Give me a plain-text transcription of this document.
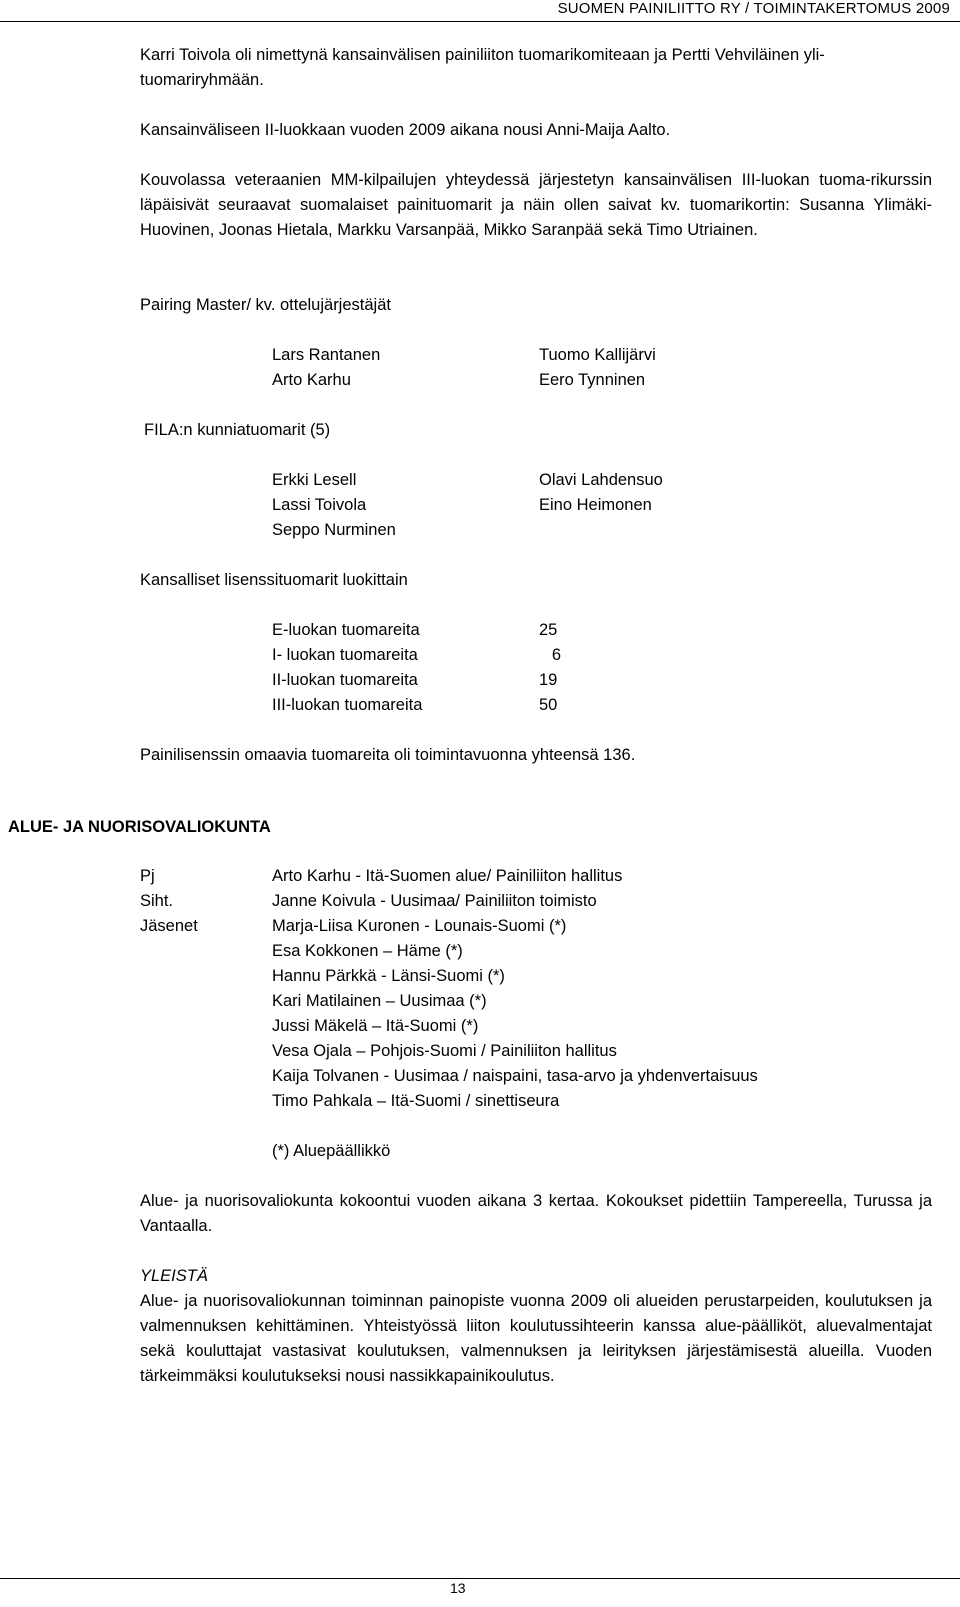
SUOMEN PAINILIITTO RY / TOIMINTAKERTOMUS 2009

Karri Toivola oli nimettynä kansainvälisen painiliiton tuomarikomiteaan ja Pertti Vehviläinen yli-tuomariryhmään.

Kansainväliseen II-luokkaan vuoden 2009 aikana nousi Anni-Maija Aalto.

Kouvolassa veteraanien MM-kilpailujen yhteydessä järjestetyn kansainvälisen III-luokan tuoma-rikurssin läpäisivät seuraavat suomalaiset painituomarit ja näin ollen saivat kv. tuomarikortin: Susanna Ylimäki-Huovinen, Joonas Hietala, Markku Varsanpää, Mikko Saranpää sekä Timo Utriainen.

Pairing Master/ kv. ottelujärjestäjät
Lars Rantanen
Arto Karhu
Tuomo Kallijärvi
Eero Tynninen
FILA:n kunniatuomarit (5)
Erkki Lesell
Lassi Toivola
Seppo Nurminen
Olavi Lahdensuo
Eino Heimonen
Kansalliset lisenssituomarit luokittain
E-luokan tuomareita
I- luokan tuomareita
II-luokan tuomareita
III-luokan tuomareita
25
6
19
50
Painilisenssin omaavia tuomareita oli toimintavuonna yhteensä 136.
ALUE- JA NUORISOVALIOKUNTA
Pj
Siht.
Jäsenet
Arto Karhu - Itä-Suomen alue/ Painiliiton hallitus
Janne Koivula - Uusimaa/ Painiliiton toimisto
Marja-Liisa Kuronen - Lounais-Suomi (*)
Esa Kokkonen – Häme (*)
Hannu Pärkkä - Länsi-Suomi (*)
Kari Matilainen – Uusimaa (*)
Jussi Mäkelä – Itä-Suomi (*)
Vesa Ojala – Pohjois-Suomi / Painiliiton hallitus
Kaija Tolvanen - Uusimaa / naispaini, tasa-arvo ja yhdenvertaisuus
Timo Pahkala – Itä-Suomi / sinettiseura
(*) Aluepäällikkö

Alue- ja nuorisovaliokunta kokoontui vuoden aikana 3 kertaa. Kokoukset pidettiin Tampereella, Turussa ja Vantaalla.

YLEISTÄ

Alue- ja nuorisovaliokunnan toiminnan painopiste vuonna 2009 oli alueiden perustarpeiden, koulutuksen ja valmennuksen kehittäminen. Yhteistyössä liiton koulutussihteerin kanssa alue-päälliköt, aluevalmentajat sekä kouluttajat vastasivat koulutuksen, valmennuksen ja leirityksen järjestämisestä alueilla. Vuoden tärkeimmäksi koulutukseksi nousi nassikkapainikoulutus.

13
